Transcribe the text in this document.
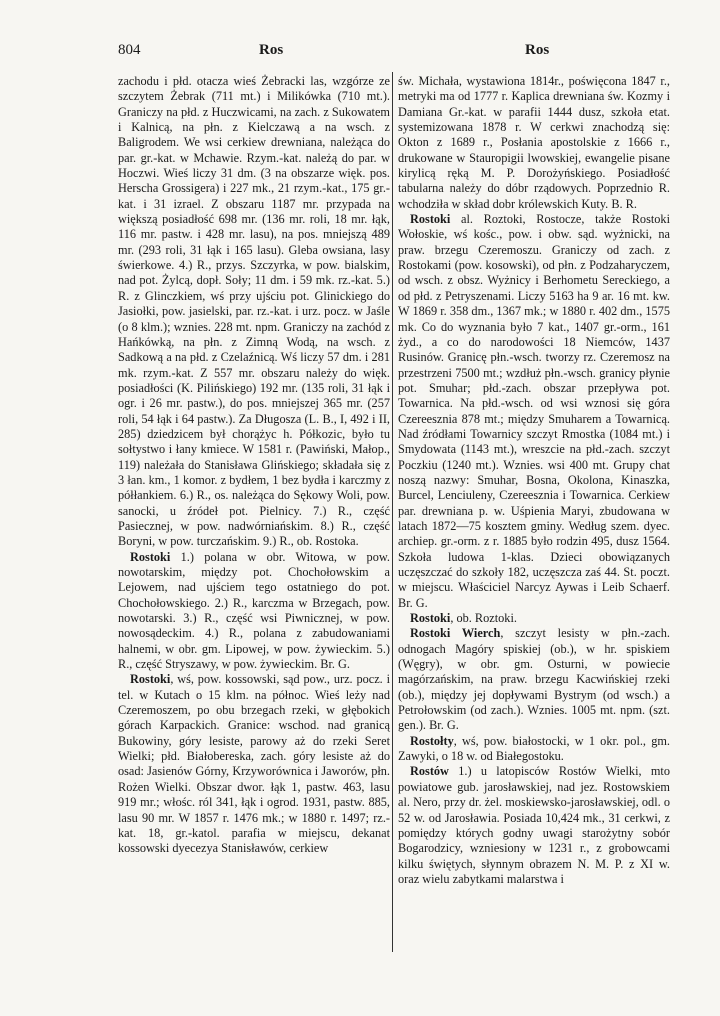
804	Ros	Ros

zachodu i płd. otacza wieś Żebracki las, wzgórze ze szczytem Żebrak (711 mt.) i Milikówka (710 mt.). Graniczy na płd. z Huczwicami, na zach. z Sukowatem i Kalnicą, na płn. z Kielczawą a na wsch. z Baligrodem. We wsi cerkiew drewniana, należąca do par. gr.-kat. w Mchawie. Rzym.-kat. należą do par. w Hoczwi. Wieś liczy 31 dm. (3 na obszarze więk. pos. Herscha Grossigera) i 227 mk., 21 rzym.-kat., 175 gr.-kat. i 31 izrael. Z obszaru 1187 mr. przypada na większą posiadłość 698 mr. (136 mr. roli, 18 mr. łąk, 116 mr. pastw. i 428 mr. lasu), na pos. mniejszą 489 mr. (293 roli, 31 łąk i 165 lasu). Gleba owsiana, lasy świerkowe. 4.) R., przys. Szczyrka, w pow. bialskim, nad pot. Żylcą, dopł. Soły; 11 dm. i 59 mk. rz.-kat. 5.) R. z Glinczkiem, wś przy ujściu pot. Glinickiego do Jasiołki, pow. jasielski, par. rz.-kat. i urz. pocz. w Jaśle (o 8 klm.); wznies. 228 mt. npm. Graniczy na zachód z Hańkówką, na płn. z Zimną Wodą, na wsch. z Sadkową a na płd. z Czelaźnicą. Wś liczy 57 dm. i 281 mk. rzym.-kat. Z 557 mr. obszaru należy do więk. posiadłości (K. Pilińskiego) 192 mr. (135 roli, 31 łąk i ogr. i 26 mr. pastw.), do pos. mniejszej 365 mr. (257 roli, 54 łąk i 64 pastw.). Za Długosza (L. B., I, 492 i II, 285) dziedzicem był chorążyc h. Półkozic, było tu sołtystwo i łany kmiece. W 1581 r. (Pawiński, Małop., 119) należała do Stanisława Glińskiego; składała się z 3 łan. km., 1 komor. z bydłem, 1 bez bydła i karczmy z półłankiem. 6.) R., os. należąca do Sękowy Woli, pow. sanocki, u źródeł pot. Pielnicy. 7.) R., część Pasiecznej, w pow. nadwórniańskim. 8.) R., część Boryni, w pow. turczańskim. 9.) R., ob. Rostoka.

Rostoki 1.) polana w obr. Witowa, w pow. nowotarskim, między pot. Chochołowskim a Lejowem, nad ujściem tego ostatniego do pot. Chochołowskiego. 2.) R., karczma w Brzegach, pow. nowotarski. 3.) R., część wsi Piwnicznej, w pow. nowosądeckim. 4.) R., polana z zabudowaniami halnemi, w obr. gm. Lipowej, w pow. żywieckim. 5.) R., część Stryszawy, w pow. żywieckim. Br. G.

Rostoki, wś, pow. kossowski, sąd pow., urz. pocz. i tel. w Kutach o 15 klm. na północ. Wieś leży nad Czeremoszem, po obu brzegach rzeki, w głębokich górach Karpackich. Granice: wschod. nad granicą Bukowiny, góry lesiste, parowy aż do rzeki Seret Wielki; płd. Białobereska, zach. góry lesiste aż do osad: Jasienów Górny, Krzyworównica i Jaworów, płn. Rożen Wielki. Obszar dwor. łąk 1, pastw. 463, lasu 919 mr.; włośc. ról 341, łąk i ogrod. 1931, pastw. 885, lasu 90 mr. W 1857 r. 1476 mk.; w 1880 r. 1497; rz.-kat. 18, gr.-katol. parafia w miejscu, dekanat kossowski dyecezya Stanisławów, cerkiew

św. Michała, wystawiona 1814r., poświęcona 1847 r., metryki ma od 1777 r. Kaplica drewniana św. Kozmy i Damiana Gr.-kat. w parafii 1444 dusz, szkoła etat. systemizowana 1878 r. W cerkwi znachodzą się: Okton z 1689 r., Posłania apostolskie z 1666 r., drukowane w Stauropigii lwowskiej, ewangelie pisane kirylicą ręką M. P. Dorożyńskiego. Posiadłość tabularna należy do dóbr rządowych. Poprzednio R. wchodziła w skład dobr królewskich Kuty. B. R.

Rostoki al. Roztoki, Rostocze, także Rostoki Wołoskie, wś kośc., pow. i obw. sąd. wyżnicki, na praw. brzegu Czeremoszu. Graniczy od zach. z Rostokami (pow. kosowski), od płn. z Podzaharyczem, od wsch. z obsz. Wyżnicy i Berhometu Sereckiego, a od płd. z Petryszenami. Liczy 5163 ha 9 ar. 16 mt. kw. W 1869 r. 358 dm., 1367 mk.; w 1880 r. 402 dm., 1575 mk. Co do wyznania było 7 kat., 1407 gr.-orm., 161 żyd., a co do narodowości 18 Niemców, 1437 Rusinów. Granicę płn.-wsch. tworzy rz. Czeremosz na przestrzeni 7500 mt.; wzdłuż płn.-wsch. granicy płynie pot. Smuhar; płd.-zach. obszar przepływa pot. Towarnica. Na płd.-wsch. od wsi wznosi się góra Czereesznia 878 mt.; między Smuharem a Towarnicą. Nad źródłami Towarnicy szczyt Rmostka (1084 mt.) i Smydowata (1143 mt.), wreszcie na płd.-zach. szczyt Poczkiu (1240 mt.). Wznies. wsi 400 mt. Grupy chat noszą nazwy: Smuhar, Bosna, Okolona, Kinaszka, Burcel, Lenciuleny, Czereesznia i Towarnica. Cerkiew par. drewniana p. w. Uśpienia Maryi, zbudowana w latach 1872—75 kosztem gminy. Według szem. dyec. archiep. gr.-orm. z r. 1885 było rodzin 495, dusz 1564. Szkoła ludowa 1-klas. Dzieci obowiązanych uczęszczać do szkoły 182, uczęszcza zaś 44. St. poczt. w miejscu. Właściciel Narcyz Aywas i Leib Schaerf. Br. G.

Rostoki, ob. Roztoki.

Rostoki Wierch, szczyt lesisty w płn.-zach. odnogach Magóry spiskiej (ob.), w hr. spiskiem (Węgry), w obr. gm. Osturni, w powiecie magórzańskim, na praw. brzegu Kacwińskiej rzeki (ob.), między jej dopływami Bystrym (od wsch.) a Petrołowskim (od zach.). Wznies. 1005 mt. npm. (szt. gen.). Br. G.

Rostołty, wś, pow. białostocki, w 1 okr. pol., gm. Zawyki, o 18 w. od Białegostoku.

Rostów 1.) u latopisców Rostów Wielki, mto powiatowe gub. jarosławskiej, nad jez. Rostowskiem al. Nero, przy dr. żel. moskiewsko-jarosławskiej, odl. o 52 w. od Jarosławia. Posiada 10,424 mk., 31 cerkwi, z pomiędzy których godny uwagi starożytny sobór Bogarodzicy, wzniesiony w 1231 r., z grobowcami kilku świętych, słynnym obrazem N. M. P. z XI w. oraz wielu zabytkami malarstwa i
